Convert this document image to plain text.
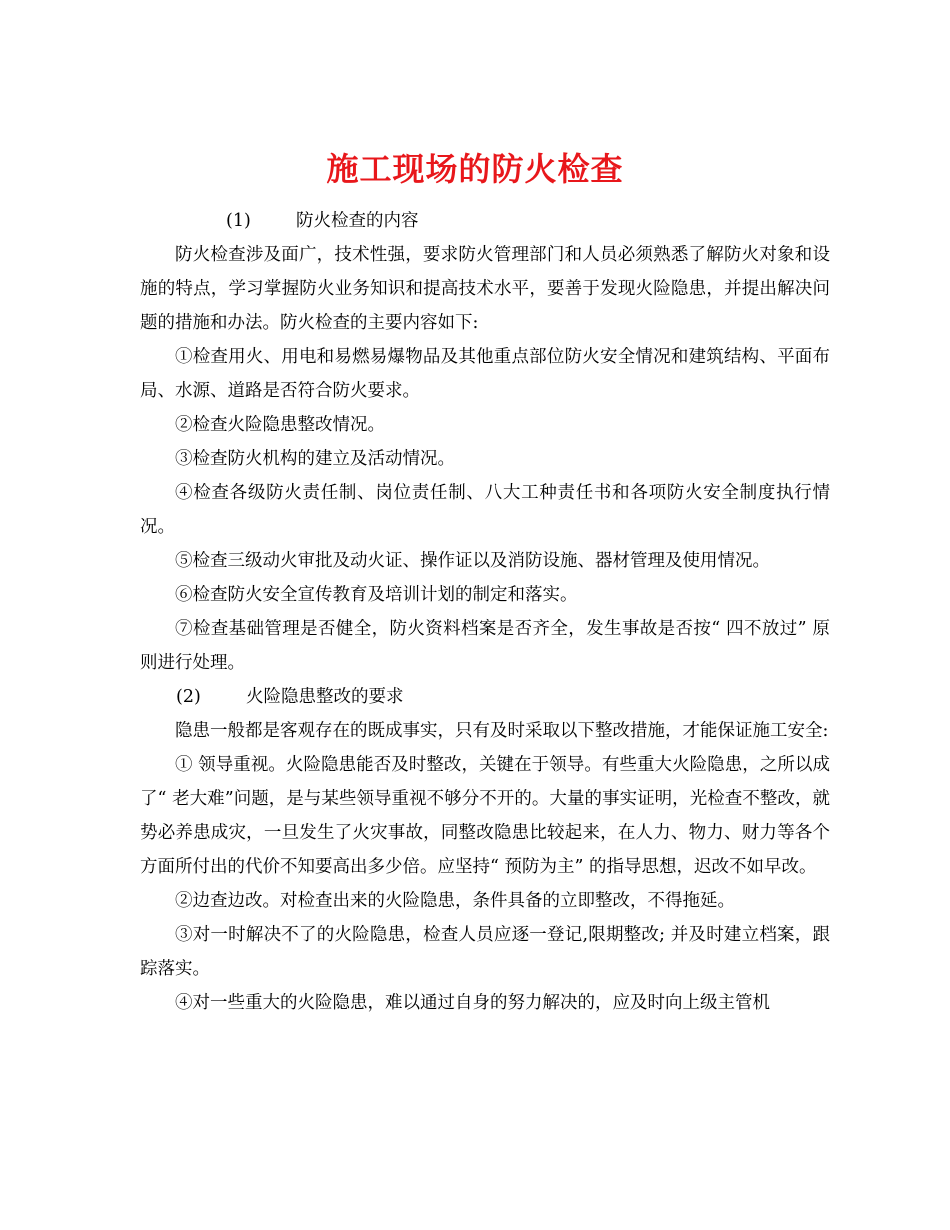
施工现场的防火检查

(1)	防火检查的内容

防火检查涉及面广，技术性强，要求防火管理部门和人员必须熟悉了解防火对象和设施的特点，学习掌握防火业务知识和提高技术水平，要善于发现火险隐患，并提出解决问题的措施和办法。防火检查的主要内容如下:

①检查用火、用电和易燃易爆物品及其他重点部位防火安全情况和建筑结构、平面布局、水源、道路是否符合防火要求。

②检查火险隐患整改情况。

③检查防火机构的建立及活动情况。

④检查各级防火责任制、岗位责任制、八大工种责任书和各项防火安全制度执行情况。

⑤检查三级动火审批及动火证、操作证以及消防设施、器材管理及使用情况。

⑥检查防火安全宣传教育及培训计划的制定和落实。

⑦检查基础管理是否健全，防火资料档案是否齐全，发生事故是否按“ 四不放过” 原则进行处理。

(2)	火险隐患整改的要求

隐患一般都是客观存在的既成事实，只有及时采取以下整改措施，才能保证施工安全:

① 领导重视。火险隐患能否及时整改，关键在于领导。有些重大火险隐患，之所以成了“ 老大难”问题，是与某些领导重视不够分不开的。大量的事实证明，光检查不整改，就势必养患成灾，一旦发生了火灾事故，同整改隐患比较起来，在人力、物力、财力等各个方面所付出的代价不知要高出多少倍。应坚持“ 预防为主” 的指导思想，迟改不如早改。

②边查边改。对检查出来的火险隐患，条件具备的立即整改，不得拖延。

③对一时解决不了的火险隐患，检查人员应逐一登记,限期整改; 并及时建立档案，跟踪落实。

④对一些重大的火险隐患，难以通过自身的努力解决的，应及时向上级主管机
